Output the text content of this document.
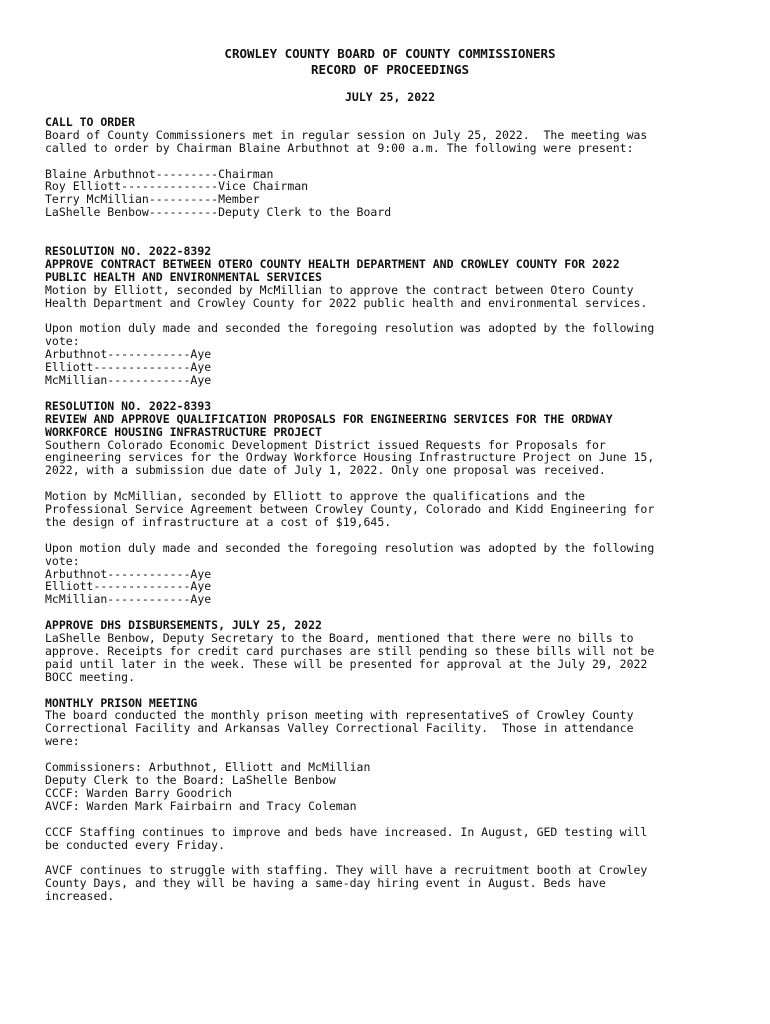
CROWLEY COUNTY BOARD OF COUNTY COMMISSIONERS
RECORD OF PROCEEDINGS
JULY 25, 2022
CALL TO ORDER
Board of County Commissioners met in regular session on July 25, 2022.  The meeting was
called to order by Chairman Blaine Arbuthnot at 9:00 a.m. The following were present:
Blaine Arbuthnot---------Chairman
Roy Elliott--------------Vice Chairman
Terry McMillian----------Member
LaShelle Benbow----------Deputy Clerk to the Board
RESOLUTION NO. 2022-8392
APPROVE CONTRACT BETWEEN OTERO COUNTY HEALTH DEPARTMENT AND CROWLEY COUNTY FOR 2022
PUBLIC HEALTH AND ENVIRONMENTAL SERVICES
Motion by Elliott, seconded by McMillian to approve the contract between Otero County
Health Department and Crowley County for 2022 public health and environmental services.
Upon motion duly made and seconded the foregoing resolution was adopted by the following
vote:
Arbuthnot------------Aye
Elliott--------------Aye
McMillian------------Aye
RESOLUTION NO. 2022-8393
REVIEW AND APPROVE QUALIFICATION PROPOSALS FOR ENGINEERING SERVICES FOR THE ORDWAY
WORKFORCE HOUSING INFRASTRUCTURE PROJECT
Southern Colorado Economic Development District issued Requests for Proposals for
engineering services for the Ordway Workforce Housing Infrastructure Project on June 15,
2022, with a submission due date of July 1, 2022. Only one proposal was received.
Motion by McMillian, seconded by Elliott to approve the qualifications and the
Professional Service Agreement between Crowley County, Colorado and Kidd Engineering for
the design of infrastructure at a cost of $19,645.
Upon motion duly made and seconded the foregoing resolution was adopted by the following
vote:
Arbuthnot------------Aye
Elliott--------------Aye
McMillian------------Aye
APPROVE DHS DISBURSEMENTS, JULY 25, 2022
LaShelle Benbow, Deputy Secretary to the Board, mentioned that there were no bills to
approve. Receipts for credit card purchases are still pending so these bills will not be
paid until later in the week. These will be presented for approval at the July 29, 2022
BOCC meeting.
MONTHLY PRISON MEETING
The board conducted the monthly prison meeting with representativeS of Crowley County
Correctional Facility and Arkansas Valley Correctional Facility.  Those in attendance
were:
Commissioners: Arbuthnot, Elliott and McMillian
Deputy Clerk to the Board: LaShelle Benbow
CCCF: Warden Barry Goodrich
AVCF: Warden Mark Fairbairn and Tracy Coleman
CCCF Staffing continues to improve and beds have increased. In August, GED testing will
be conducted every Friday.
AVCF continues to struggle with staffing. They will have a recruitment booth at Crowley
County Days, and they will be having a same-day hiring event in August. Beds have
increased.
